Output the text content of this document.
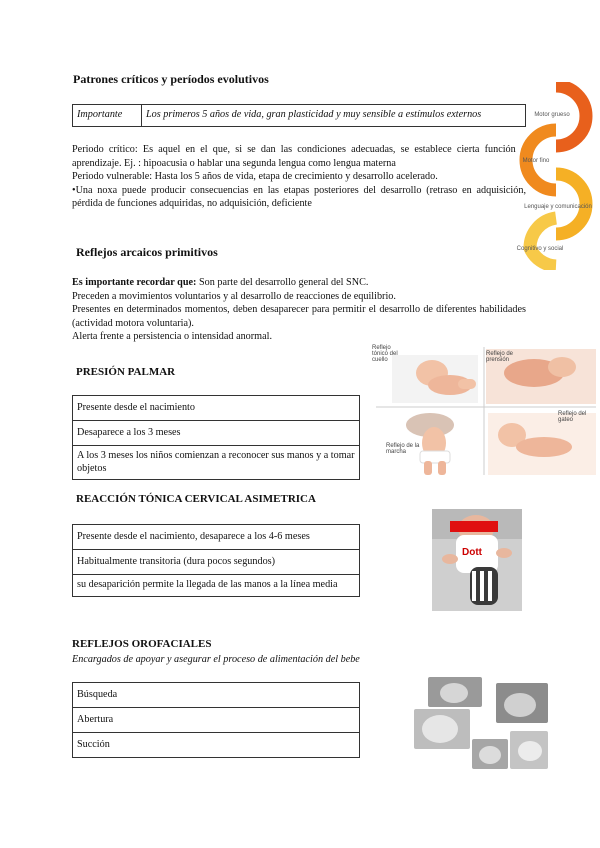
Patrones críticos y períodos evolutivos
Importante	Los primeros 5 años de vida, gran plasticidad y muy sensible a estímulos externos
Periodo crítico: Es aquel en el que, si se dan las condiciones adecuadas, se establece cierta función o aprendizaje. Ej. : hipoacusia o hablar una segunda lengua como lengua materna
Periodo vulnerable: Hasta los 5 años de vida, etapa de crecimiento y desarrollo acelerado.
•Una noxa puede producir consecuencias en las etapas posteriores del desarrollo (retraso en adquisición, pérdida de funciones adquiridas, no adquisición, deficiente
Motor grueso
Motor fino
Lenguaje y comunicación
Cognitivo y social
Reflejos arcaicos primitivos
Es importante recordar que: Son parte del desarrollo general del SNC.
Preceden a movimientos voluntarios y al desarrollo de reacciones de equilibrio.
Presentes en determinados momentos, deben desaparecer para permitir el desarrollo de diferentes habilidades (actividad motora voluntaria).
Alerta frente a persistencia o intensidad anormal.
PRESIÓN PALMAR
Presente desde el nacimiento
Desaparece a los 3 meses
A los 3 meses los niños comienzan a reconocer sus manos y a tomar objetos
Reflejo tónico del cuello
Reflejo de prensión
Reflejo de la marcha
Reflejo del gateo
REACCIÓN TÓNICA CERVICAL ASIMETRICA
Presente desde el nacimiento, desaparece a los 4-6 meses
Habitualmente transitoria (dura pocos segundos)
su desaparición permite la llegada de las manos a la línea media
Dott
REFLEJOS OROFACIALES
Encargados de apoyar y asegurar el proceso de alimentación del bebe
Búsqueda
Abertura
Succión
